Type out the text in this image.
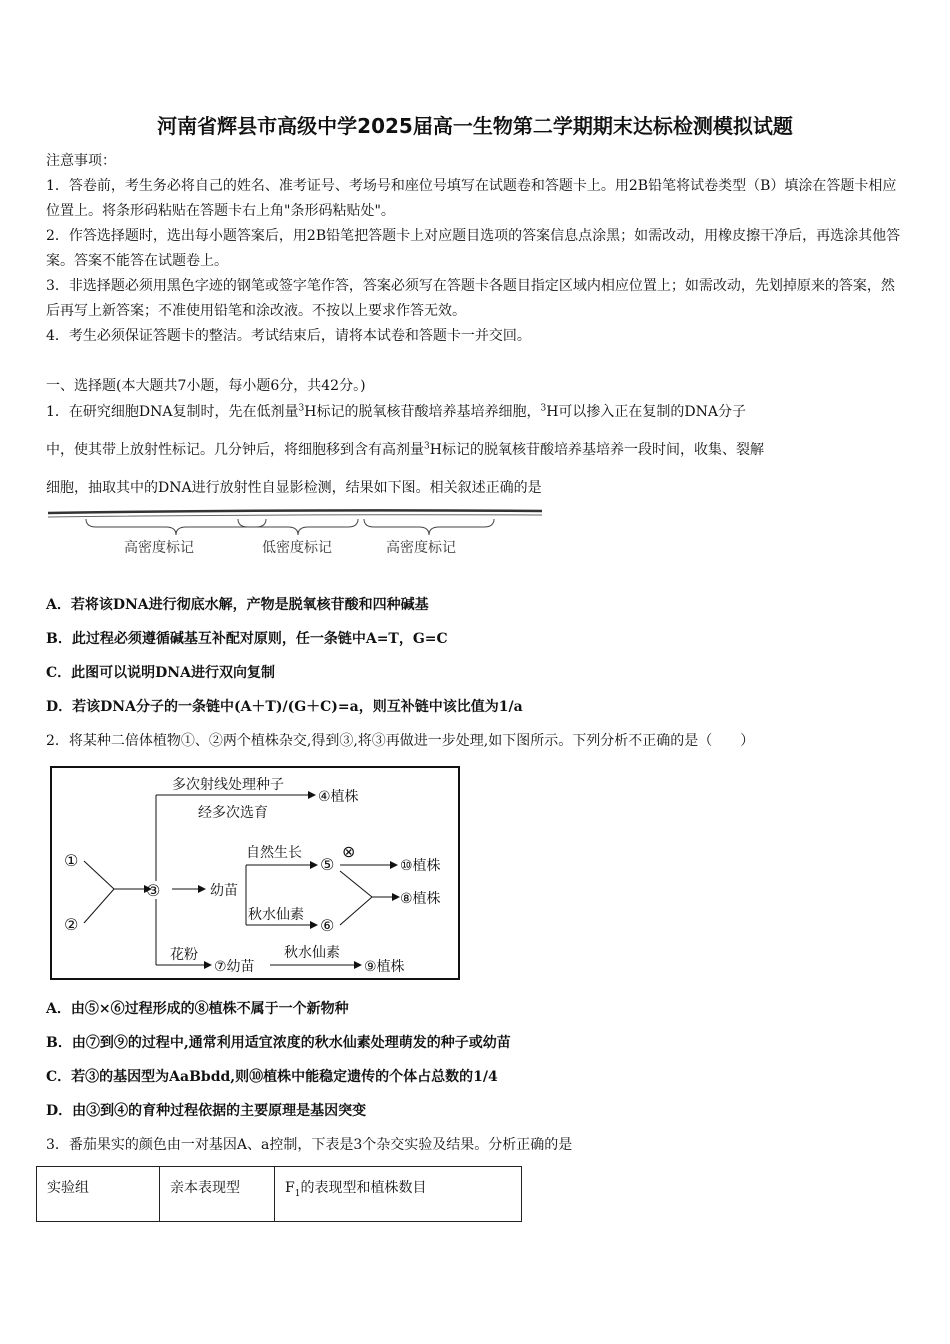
河南省辉县市高级中学2025届高一生物第二学期期末达标检测模拟试题
注意事项：
1．答卷前，考生务必将自己的姓名、准考证号、考场号和座位号填写在试题卷和答题卡上。用2B铅笔将试卷类型（B）填涂在答题卡相应位置上。将条形码粘贴在答题卡右上角"条形码粘贴处"。
2．作答选择题时，选出每小题答案后，用2B铅笔把答题卡上对应题目选项的答案信息点涂黑；如需改动，用橡皮擦干净后，再选涂其他答案。答案不能答在试题卷上。
3．非选择题必须用黑色字迹的钢笔或签字笔作答，答案必须写在答题卡各题目指定区域内相应位置上；如需改动，先划掉原来的答案，然后再写上新答案；不准使用铅笔和涂改液。不按以上要求作答无效。
4．考生必须保证答题卡的整洁。考试结束后，请将本试卷和答题卡一并交回。
一、选择题(本大题共7小题，每小题6分，共42分。)
1．在研究细胞DNA复制时，先在低剂量$^3$H标记的脱氧核苷酸培养基培养细胞，$^3$H可以掺入正在复制的DNA分子
中，使其带上放射性标记。几分钟后，将细胞移到含有高剂量$^3$H标记的脱氧核苷酸培养基培养一段时间，收集、裂解
细胞，抽取其中的DNA进行放射性自显影检测，结果如下图。相关叙述正确的是
高密度标记	低密度标记	高密度标记
A．若将该DNA进行彻底水解，产物是脱氧核苷酸和四种碱基
B．此过程必须遵循碱基互补配对原则，任一条链中A=T，G=C
C．此图可以说明DNA进行双向复制
D．若该DNA分子的一条链中(A＋T)/(G＋C)=a，则互补链中该比值为1/a
2．将某种二倍体植物①、②两个植株杂交,得到③,将③再做进一步处理,如下图所示。下列分析不正确的是（　　）
①
②
③
多次射线处理种子
经多次选育
④植株
幼苗
自然生长
秋水仙素
⑤
⑥
⊗
⑩植株
⑧植株
花粉
⑦幼苗
秋水仙素
⑨植株
A．由⑤×⑥过程形成的⑧植株不属于一个新物种
B．由⑦到⑨的过程中,通常利用适宜浓度的秋水仙素处理萌发的种子或幼苗
C．若③的基因型为AaBbdd,则⑩植株中能稳定遗传的个体占总数的1/4
D．由③到④的育种过程依据的主要原理是基因突变
3．番茄果实的颜色由一对基因A、a控制，下表是3个杂交实验及结果。分析正确的是
实验组	亲本表现型	$F_1$的表现型和植株数目
